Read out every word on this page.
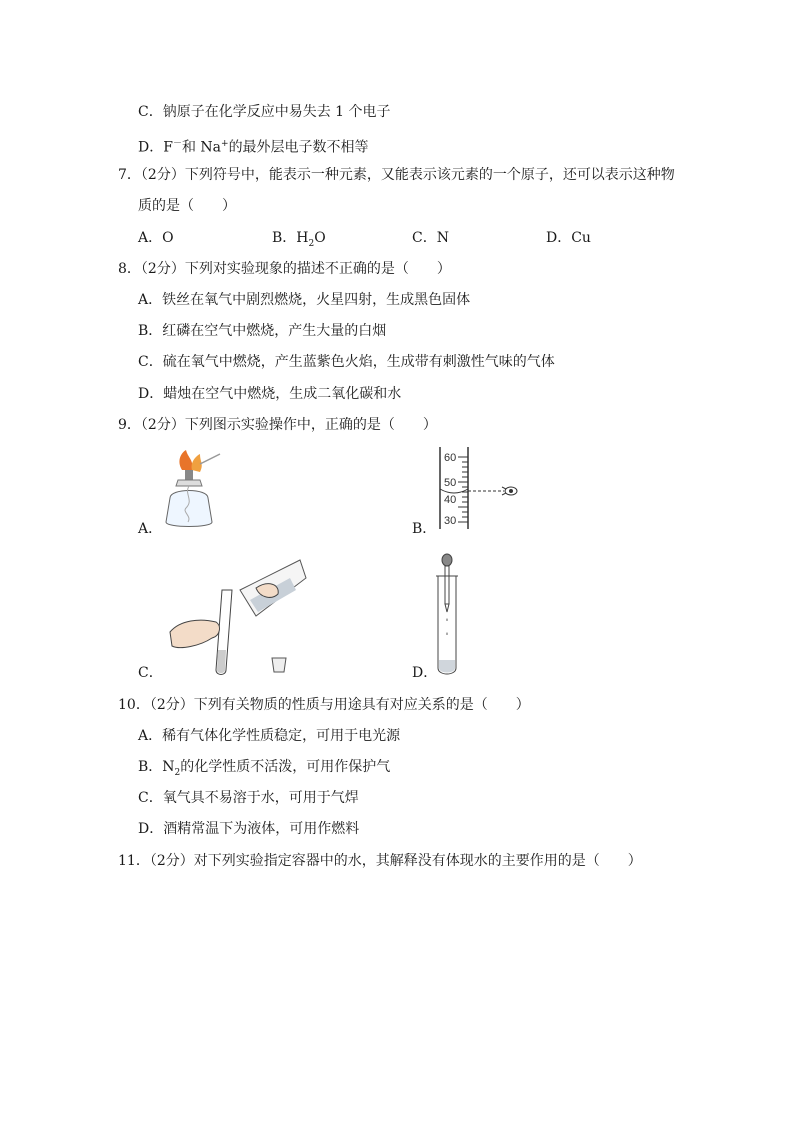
C．钠原子在化学反应中易失去 1 个电子
D．F－和 Na+的最外层电子数不相等
7．（2分）下列符号中，能表示一种元素，又能表示该元素的一个原子，还可以表示这种物
质的是（　　）
A．O	B．$H_2O$	C．N	D．Cu
8．（2分）下列对实验现象的描述不正确的是（　　）
A．铁丝在氧气中剧烈燃烧，火星四射，生成黑色固体
B．红磷在空气中燃烧，产生大量的白烟
C．硫在氧气中燃烧，产生蓝紫色火焰，生成带有刺激性气味的气体
D．蜡烛在空气中燃烧，生成二氧化碳和水
9．（2分）下列图示实验操作中，正确的是（　　）
A．	B．
60
50
40
30
C．	D．
10．（2分）下列有关物质的性质与用途具有对应关系的是（　　）
A．稀有气体化学性质稳定，可用于电光源
B．$N_2$的化学性质不活泼，可用作保护气
C．氧气具不易溶于水，可用于气焊
D．酒精常温下为液体，可用作燃料
11．（2分）对下列实验指定容器中的水，其解释没有体现水的主要作用的是（　　）
